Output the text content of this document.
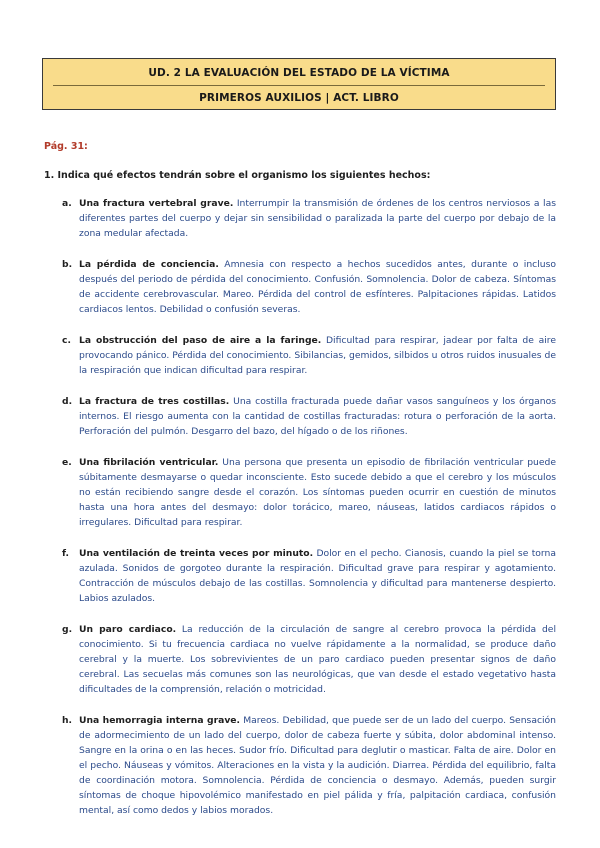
UD. 2 LA EVALUACIÓN DEL ESTADO DE LA VÍCTIMA
PRIMEROS AUXILIOS | ACT. LIBRO
Pág. 31:
1. Indica qué efectos tendrán sobre el organismo los siguientes hechos:
a. Una fractura vertebral grave. Interrumpir la transmisión de órdenes de los centros nerviosos a las diferentes partes del cuerpo y dejar sin sensibilidad o paralizada la parte del cuerpo por debajo de la zona medular afectada.
b. La pérdida de conciencia. Amnesia con respecto a hechos sucedidos antes, durante o incluso después del periodo de pérdida del conocimiento. Confusión. Somnolencia. Dolor de cabeza. Síntomas de accidente cerebrovascular. Mareo. Pérdida del control de esfínteres. Palpitaciones rápidas. Latidos cardiacos lentos. Debilidad o confusión severas.
c. La obstrucción del paso de aire a la faringe. Dificultad para respirar, jadear por falta de aire provocando pánico. Pérdida del conocimiento. Sibilancias, gemidos, silbidos u otros ruidos inusuales de la respiración que indican dificultad para respirar.
d. La fractura de tres costillas. Una costilla fracturada puede dañar vasos sanguíneos y los órganos internos. El riesgo aumenta con la cantidad de costillas fracturadas: rotura o perforación de la aorta. Perforación del pulmón. Desgarro del bazo, del hígado o de los riñones.
e. Una fibrilación ventricular. Una persona que presenta un episodio de fibrilación ventricular puede súbitamente desmayarse o quedar inconsciente. Esto sucede debido a que el cerebro y los músculos no están recibiendo sangre desde el corazón. Los síntomas pueden ocurrir en cuestión de minutos hasta una hora antes del desmayo: dolor torácico, mareo, náuseas, latidos cardiacos rápidos o irregulares. Dificultad para respirar.
f. Una ventilación de treinta veces por minuto. Dolor en el pecho. Cianosis, cuando la piel se torna azulada. Sonidos de gorgoteo durante la respiración. Dificultad grave para respirar y agotamiento. Contracción de músculos debajo de las costillas. Somnolencia y dificultad para mantenerse despierto. Labios azulados.
g. Un paro cardiaco. La reducción de la circulación de sangre al cerebro provoca la pérdida del conocimiento. Si tu frecuencia cardiaca no vuelve rápidamente a la normalidad, se produce daño cerebral y la muerte. Los sobrevivientes de un paro cardiaco pueden presentar signos de daño cerebral. Las secuelas más comunes son las neurológicas, que van desde el estado vegetativo hasta dificultades de la comprensión, relación o motricidad.
h. Una hemorragia interna grave. Mareos. Debilidad, que puede ser de un lado del cuerpo. Sensación de adormecimiento de un lado del cuerpo, dolor de cabeza fuerte y súbita, dolor abdominal intenso. Sangre en la orina o en las heces. Sudor frío. Dificultad para deglutir o masticar. Falta de aire. Dolor en el pecho. Náuseas y vómitos. Alteraciones en la vista y la audición. Diarrea. Pérdida del equilibrio, falta de coordinación motora. Somnolencia. Pérdida de conciencia o desmayo. Además, pueden surgir síntomas de choque hipovolémico manifestado en piel pálida y fría, palpitación cardiaca, confusión mental, así como dedos y labios morados.
